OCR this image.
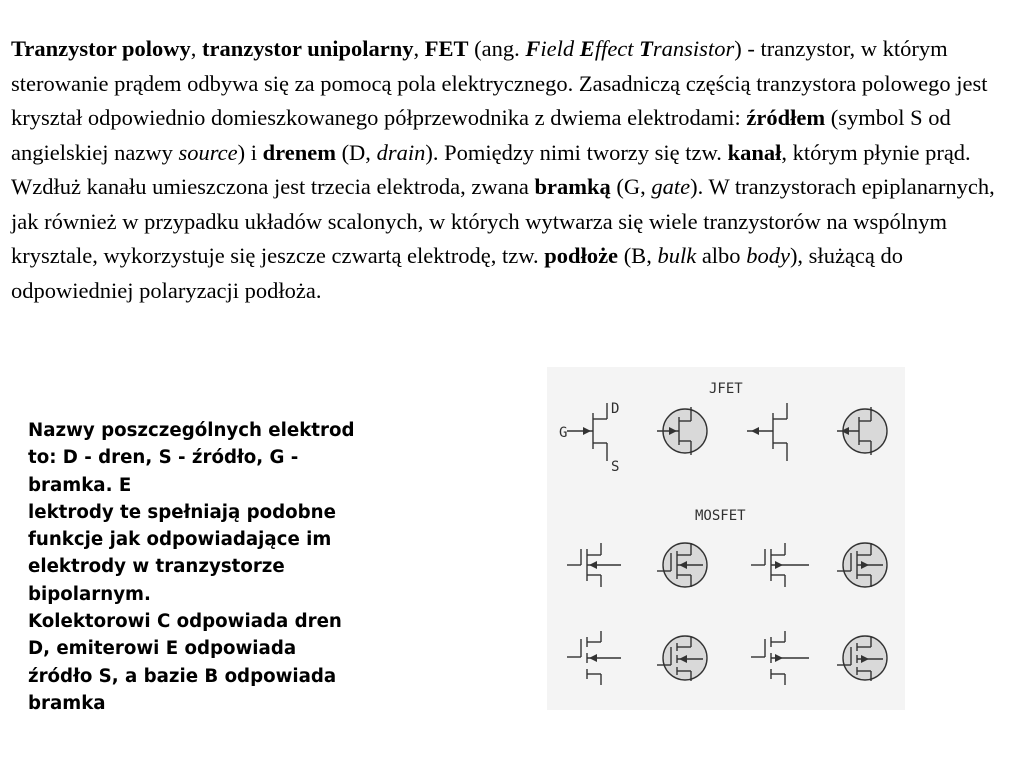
Tranzystor polowy, tranzystor unipolarny, FET (ang. Field Effect Transistor) - tranzystor, w którym sterowanie prądem odbywa się za pomocą pola elektrycznego. Zasadniczą częścią tranzystora polowego jest kryształ odpowiednio domieszkowanego półprzewodnika z dwiema elektrodami: źródłem (symbol S od angielskiej nazwy source) i drenem (D, drain). Pomiędzy nimi tworzy się tzw. kanał, którym płynie prąd. Wzdłuż kanału umieszczona jest trzecia elektroda, zwana bramką (G, gate). W tranzystorach epiplanarnych, jak również w przypadku układów scalonych, w których wytwarza się wiele tranzystorów na wspólnym krysztale, wykorzystuje się jeszcze czwartą elektrodę, tzw. podłoże (B, bulk albo body), służącą do odpowiedniej polaryzacji podłoża.

Nazwy poszczególnych elektrod
to: D - dren, S - źródło, G -
bramka. E
lektrody te spełniają podobne
funkcje jak odpowiadające im
elektrody w tranzystorze
bipolarnym.
Kolektorowi C odpowiada dren
D, emiterowi E odpowiada
źródło S, a bazie B odpowiada
bramka

JFET
MOSFET
G
D
S
